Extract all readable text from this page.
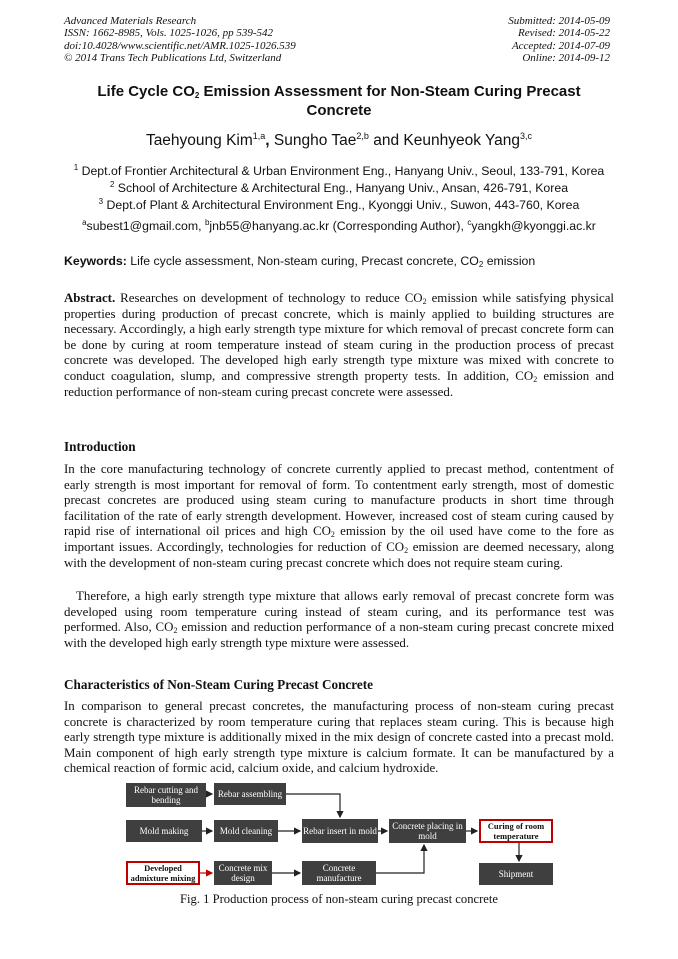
Advanced Materials Research
ISSN: 1662-8985, Vols. 1025-1026, pp 539-542
doi:10.4028/www.scientific.net/AMR.1025-1026.539
© 2014 Trans Tech Publications Ltd, Switzerland
Submitted: 2014-05-09
Revised: 2014-05-22
Accepted: 2014-07-09
Online: 2014-09-12
Life Cycle $CO_2$ Emission Assessment for Non-Steam Curing Precast
Concrete
Taehyoung Kim$^{1,a}$, Sungho Tae$^{2,b}$ and Keunhyeok Yang$^{3,c}$
$^1$ Dept.of Frontier Architectural & Urban Environment Eng., Hanyang Univ., Seoul, 133-791, Korea
$^2$ School of Architecture & Architectural Eng., Hanyang Univ., Ansan, 426-791, Korea
$^3$ Dept.of Plant & Architectural Environment Eng., Kyonggi Univ., Suwon, 443-760, Korea
$^a$subest1@gmail.com, $^b$jnb55@hanyang.ac.kr (Corresponding Author), $^c$yangkh@kyonggi.ac.kr
Keywords: Life cycle assessment, Non-steam curing, Precast concrete, $CO_2$ emission

Abstract. Researches on development of technology to reduce $CO_2$ emission while satisfying physical properties during production of precast concrete, which is mainly applied to building structures are necessary. Accordingly, a high early strength type mixture for which removal of precast concrete form can be done by curing at room temperature instead of steam curing in the production process of precast concrete was developed. The developed high early strength type mixture was mixed with concrete to conduct coagulation, slump, and compressive strength property tests. In addition, $CO_2$ emission and reduction performance of non-steam curing precast concrete were assessed.

Introduction

In the core manufacturing technology of concrete currently applied to precast method, contentment of early strength is most important for removal of form. To contentment early strength, most of domestic precast concretes are produced using steam curing to manufacture products in short time through facilitation of the rate of early strength development. However, increased cost of steam curing caused by rapid rise of international oil prices and high $CO_2$ emission by the oil used have come to the fore as important issues. Accordingly, technologies for reduction of $CO_2$ emission are deemed necessary, along with the development of non-steam curing precast concrete which does not require steam curing.

Therefore, a high early strength type mixture that allows early removal of precast concrete form was developed using room temperature curing instead of steam curing, and its performance test was performed. Also, $CO_2$ emission and reduction performance of a non-steam curing precast concrete mixed with the developed high early strength type mixture were assessed.

Characteristics of Non-Steam Curing Precast Concrete

In comparison to general precast concretes, the manufacturing process of non-steam curing precast concrete is characterized by room temperature curing that replaces steam curing. This is because high early strength type mixture is additionally mixed in the mix design of concrete casted into a precast mold. Main component of high early strength type mixture is calcium formate. It can be manufactured by a chemical reaction of formic acid, calcium oxide, and calcium hydroxide.

Rebar cutting and bending
Rebar assembling
Mold making	Mold cleaning	Rebar insert in mold	Concrete placing in mold
Curing of room temperature
Developed admixture mixing
Concrete mix design
Concrete manufacture	Shipment
Fig. 1 Production process of non-steam curing precast concrete
